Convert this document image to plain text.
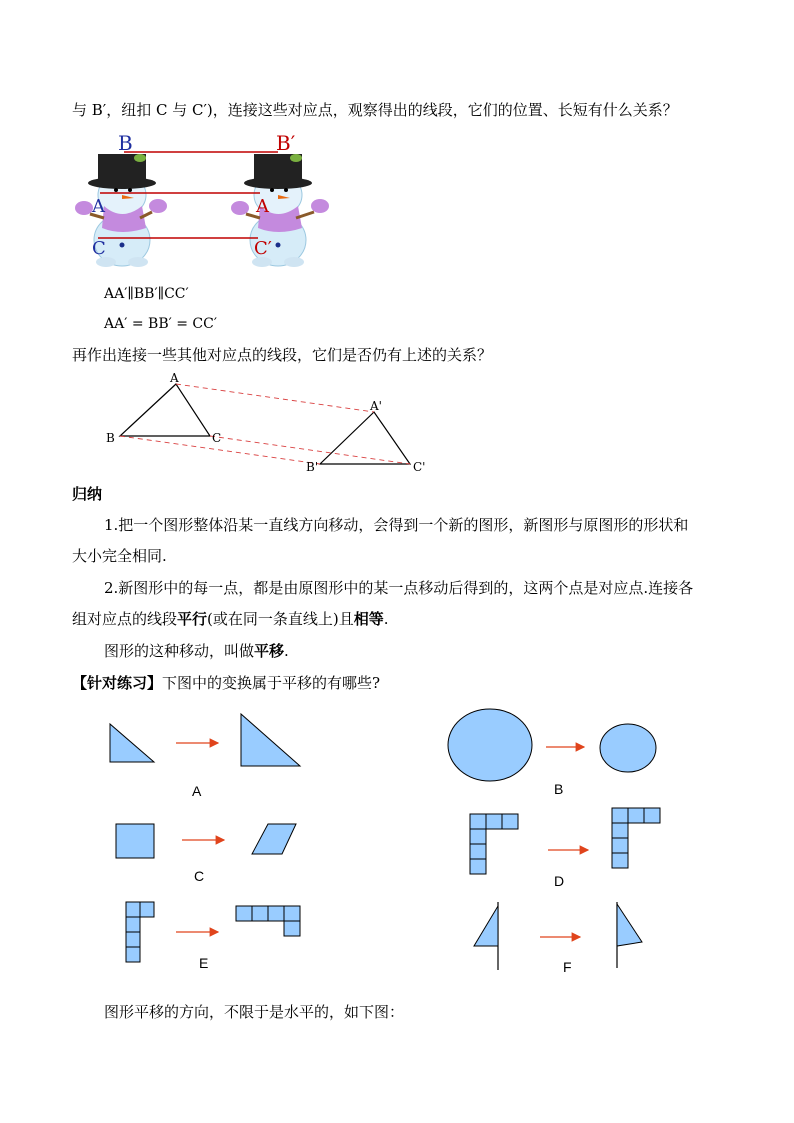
与 B′，纽扣 C 与 C′)，连接这些对应点，观察得出的线段，它们的位置、长短有什么关系？
B
A
C
B′
A
C′
AA′∥BB′∥CC′
AA′ = BB′ = CC′
再作出连接一些其他对应点的线段，它们是否仍有上述的关系？
A
B	C
A'
B'	C'
归纳
1.把一个图形整体沿某一直线方向移动，会得到一个新的图形，新图形与原图形的形状和
大小完全相同.
2.新图形中的每一点，都是由原图形中的某一点移动后得到的，这两个点是对应点.连接各
组对应点的线段平行(或在同一条直线上)且相等.
图形的这种移动，叫做平移.
【针对练习】下图中的变换属于平移的有哪些?
A	B
C	D
E	F
图形平移的方向，不限于是水平的，如下图：
